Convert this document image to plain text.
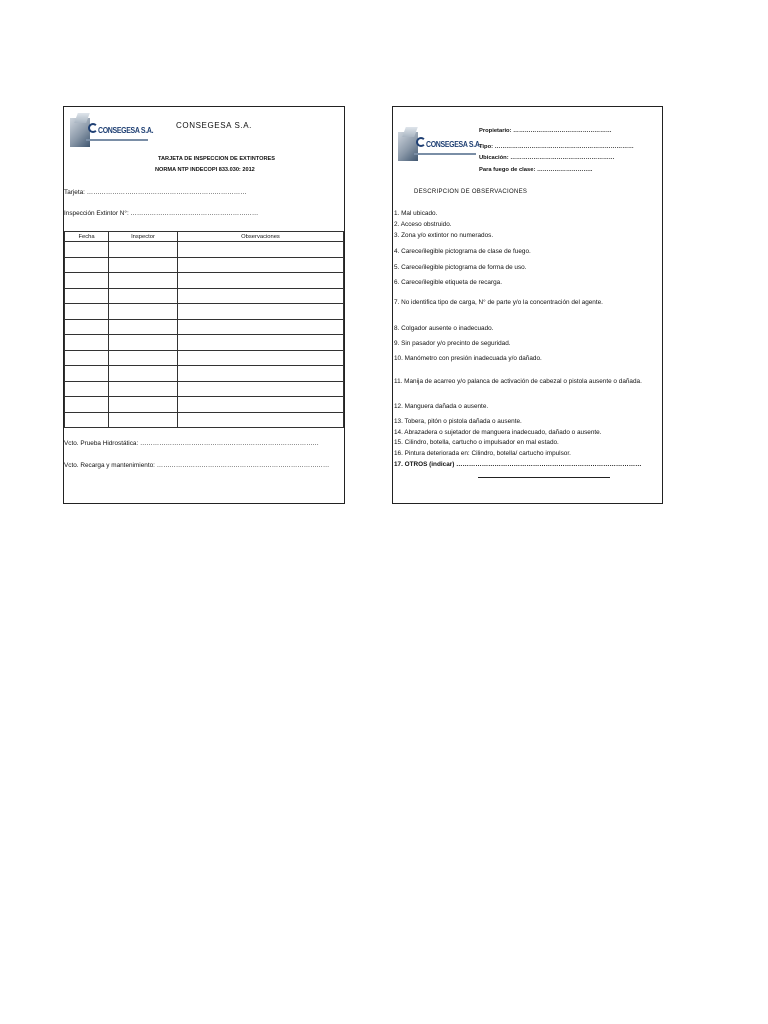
CONSEGESA S.A.	CONSEGESA S.A.
TARJETA DE INSPECCION DE EXTINTORES
NORMA NTP INDECOPI 833.030: 2012
Tarjeta: …………………………………………………………………
Inspección Extintor N°: ……………………………………………………
Fecha	Inspector	Observaciones

Vcto. Prueba Hidrostática: …………………………………………………………………………
Vcto. Recarga y mantenimiento: ………………………………………………………………………
CONSEGESA S.A.
Propietario: ……………………………………………
Tipo: ………………………………………………………………
Ubicación: ………………………………………………
Para fuego de clase: ………………………..
DESCRIPCION DE OBSERVACIONES
1. Mal ubicado.
2. Acceso obstruido.
3. Zona y/o extintor no numerados.
4. Carece/ilegible pictograma de clase de fuego.
5. Carece/ilegible pictograma de forma de uso.
6. Carece/ilegible etiqueta de recarga.
7. No identifica tipo de carga, N° de parte y/o la concentración del agente.
8. Colgador ausente o inadecuado.
9. Sin pasador y/o precinto de seguridad.
10. Manómetro con presión inadecuada y/o dañado.
11. Manija de acarreo y/o palanca de activación de cabezal o pistola ausente o dañada.
12. Manguera dañada o ausente.
13. Tobera, pitón o pistola dañada o ausente.
14. Abrazadera o sujetador de manguera inadecuado, dañado o ausente.
15. Cilindro, botella, cartucho o impulsador en mal estado.
16. Pintura deteriorada en: Cilindro, botella/ cartucho impulsor.
17. OTROS (indicar) ……………………………………………………………………………
